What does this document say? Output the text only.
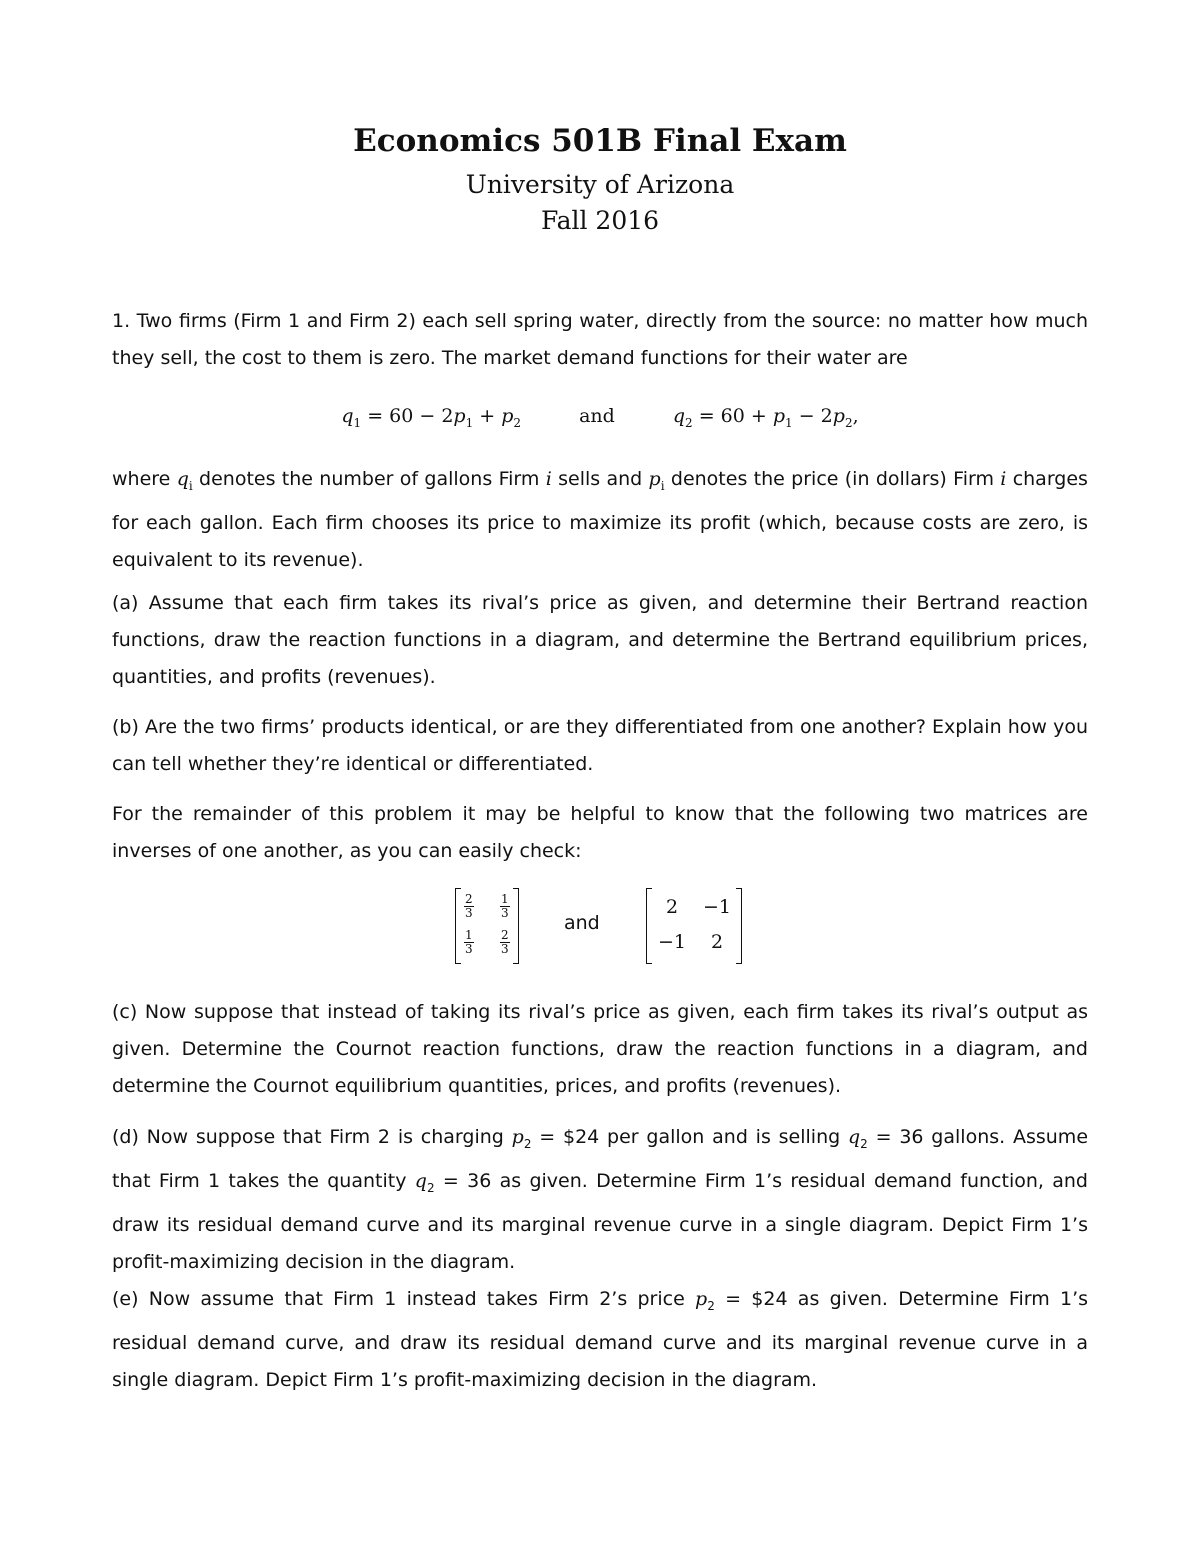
Economics 501B Final Exam
University of Arizona
Fall 2016
1. Two firms (Firm 1 and Firm 2) each sell spring water, directly from the source: no matter how much they sell, the cost to them is zero. The market demand functions for their water are
$q_1 = 60 - 2p_1 + p_2$	and	$q_2 = 60 + p_1 - 2p_2$,
where $q_i$ denotes the number of gallons Firm i sells and $p_i$ denotes the price (in dollars) Firm i charges for each gallon. Each firm chooses its price to maximize its profit (which, because costs are zero, is equivalent to its revenue).
(a) Assume that each firm takes its rival’s price as given, and determine their Bertrand reaction functions, draw the reaction functions in a diagram, and determine the Bertrand equilibrium prices, quantities, and profits (revenues).
(b) Are the two firms’ products identical, or are they differentiated from one another? Explain how you can tell whether they’re identical or differentiated.
For the remainder of this problem it may be helpful to know that the following two matrices are inverses of one another, as you can easily check:
$\frac{2}{3} \frac{1}{3}$
$\frac{1}{3} \frac{2}{3}$
and
2	−1
−1	2
(c) Now suppose that instead of taking its rival’s price as given, each firm takes its rival’s output as given. Determine the Cournot reaction functions, draw the reaction functions in a diagram, and determine the Cournot equilibrium quantities, prices, and profits (revenues).
(d) Now suppose that Firm 2 is charging $p_2$ = $24 per gallon and is selling $q_2 = 36$ gallons. Assume that Firm 1 takes the quantity $q_2 = 36$ as given. Determine Firm 1’s residual demand function, and draw its residual demand curve and its marginal revenue curve in a single diagram. Depict Firm 1’s profit-maximizing decision in the diagram.
(e) Now assume that Firm 1 instead takes Firm 2’s price $p_2$ = $24 as given. Determine Firm 1’s residual demand curve, and draw its residual demand curve and its marginal revenue curve in a single diagram. Depict Firm 1’s profit-maximizing decision in the diagram.
